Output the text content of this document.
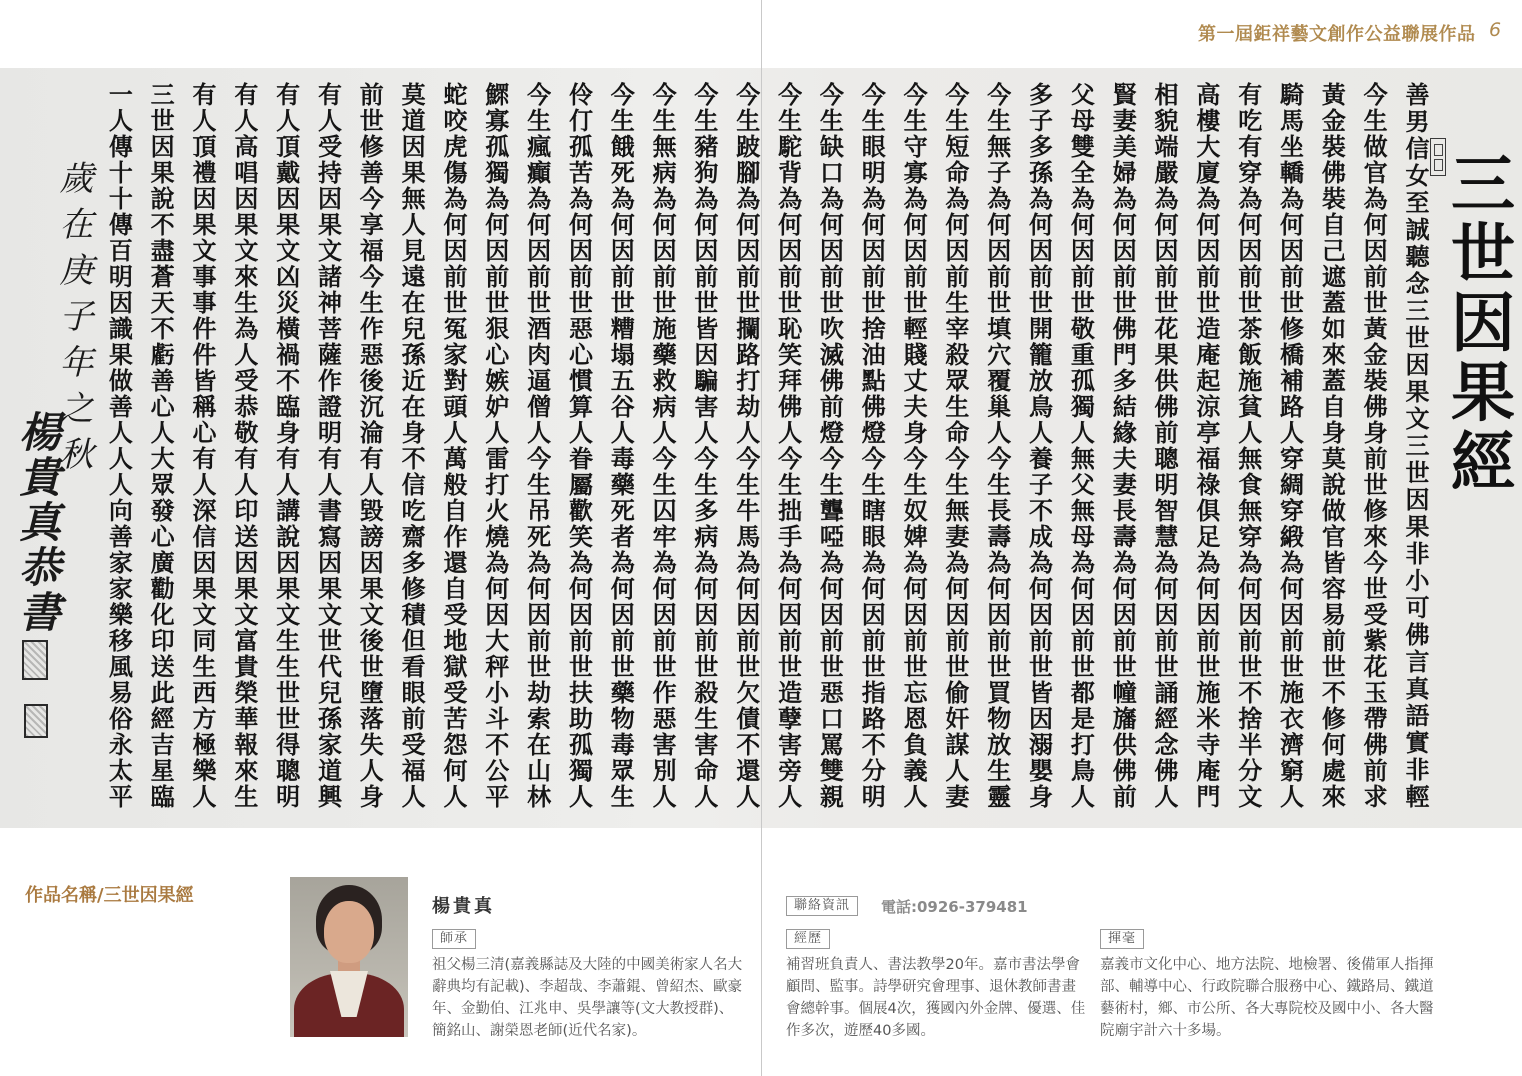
第一屆鉅祥藝文創作公益聯展作品 6
善男信女至誠聽念三世因果文三世因果非小可佛言真語實非輕
今生做官為何因前世黃金裝佛身前世修來今世受紫花玉帶佛前求
黃金裝佛裝自己遮蓋如來蓋自身莫說做官皆容易前世不修何處來
騎馬坐轎為何因前世修橋補路人穿綢穿緞為何因前世施衣濟窮人
有吃有穿為何因前世茶飯施貧人無食無穿為何因前世不捨半分文
高樓大廈為何因前世造庵起涼亭福祿俱足為何因前世施米寺庵門
相貌端嚴為何因前世花果供佛前聰明智慧為何因前世誦經念佛人
賢妻美婦為何因前世佛門多結緣夫妻長壽為何因前世幢旛供佛前
父母雙全為何因前世敬重孤獨人無父無母為何因前世都是打鳥人
多子多孫為何因前世開籠放鳥人養子不成為何因前世皆因溺嬰身
今生無子為何因前世填穴覆巢人今生長壽為何因前世買物放生靈
今生短命為何因前生宰殺眾生命今生無妻為何因前世偷奸謀人妻
今生守寡為何因前世輕賤丈夫身今生奴婢為何因前世忘恩負義人
今生眼明為何因前世捨油點佛燈今生瞎眼為何因前世指路不分明
今生缺口為何因前世吹滅佛前燈今生聾啞為何因前世惡口罵雙親
今生駝背為何因前世恥笑拜佛人今生拙手為何因前世造孽害旁人
今生跛腳為何因前世攔路打劫人今生牛馬為何因前世欠債不還人
今生豬狗為何因前世皆因騙害人今生多病為何因前世殺生害命人
今生無病為何因前世施藥救病人今生囚牢為何因前世作惡害別人
今生餓死為何因前世糟塌五谷人毒藥死者為何因前世藥物毒眾生
伶仃孤苦為何因前世惡心慣算人眷屬歡笑為何因前世扶助孤獨人
今生瘋癲為何因前世酒肉逼僧人今生吊死為何因前世劫索在山林
鰥寡孤獨為何因前世狠心嫉妒人雷打火燒為何因大秤小斗不公平
蛇咬虎傷為何因前世冤家對頭人萬般自作還自受地獄受苦怨何人
莫道因果無人見遠在兒孫近在身不信吃齋多修積但看眼前受福人
前世修善今享福今生作惡後沉淪有人毀謗因果文後世墮落失人身
有人受持因果文諸神菩薩作證明有人書寫因果文世代兒孫家道興
有人頂戴因果文凶災橫禍不臨身有人講說因果文生生世世得聰明
有人高唱因果文來生為人受恭敬有人印送因果文富貴榮華報來生
有人頂禮因果文事事件件皆稱心有人深信因果文同生西方極樂人
三世因果說不盡蒼天不虧善心人大眾發心廣勸化印送此經吉星臨
一人傳十十傳百明因識果做善人人人向善家家樂移風易俗永太平	三世因果經
歲在庚子年之秋
楊貴真恭書
作品名稱/三世因果經
楊貴真
師承
祖父楊三清(嘉義縣誌及大陸的中國美術家人名大辭典均有記載)、李超哉、李蕭錕、曾紹杰、歐豪年、金勤伯、江兆申、吳學讓等(文大教授群)、簡銘山、謝榮恩老師(近代名家)。
聯絡資訊	電話:0926-379481
經歷
補習班負責人、書法教學20年。嘉市書法學會顧問、監事。詩學研究會理事、退休教師書畫會總幹事。個展4次，獲國內外金牌、優選、佳作多次，遊歷40多國。
揮毫
嘉義市文化中心、地方法院、地檢署、後備軍人指揮部、輔導中心、行政院聯合服務中心、鐵路局、鐵道藝術村，鄉、市公所、各大專院校及國中小、各大醫院廟宇計六十多場。
